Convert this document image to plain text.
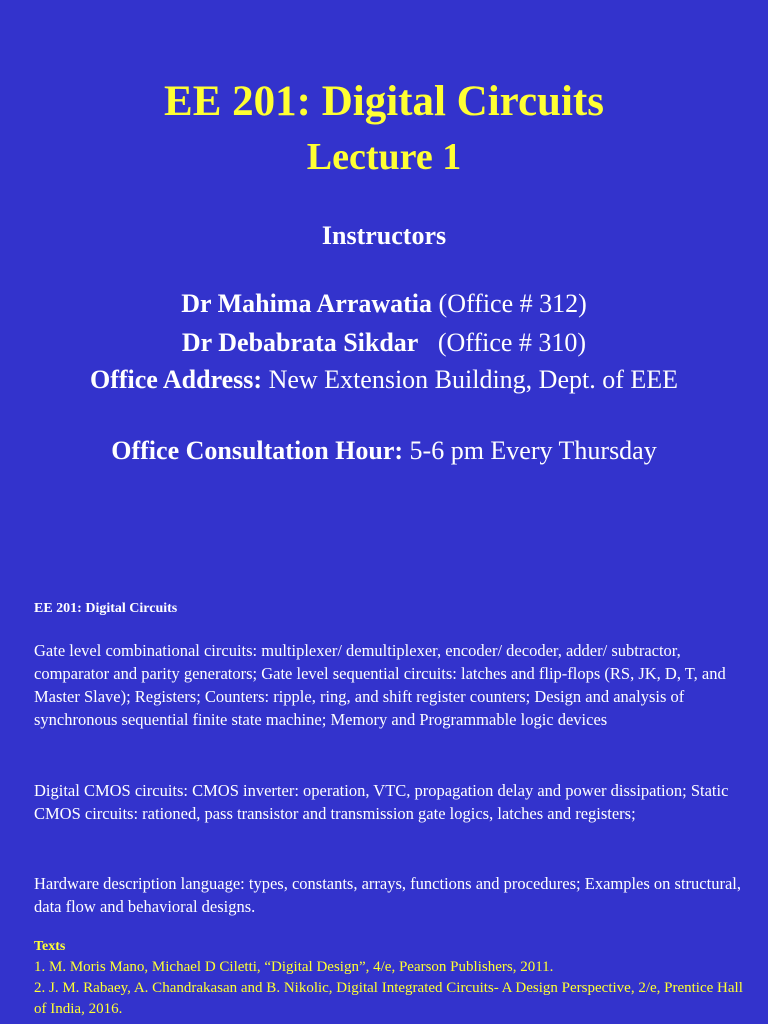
EE 201: Digital Circuits
Lecture 1
Instructors
Dr Mahima Arrawatia (Office # 312)
Dr Debabrata Sikdar (Office # 310)
Office Address: New Extension Building, Dept. of EEE
Office Consultation Hour: 5-6 pm Every Thursday
EE 201: Digital Circuits
Gate level combinational circuits: multiplexer/ demultiplexer, encoder/ decoder, adder/ subtractor, comparator and parity generators; Gate level sequential circuits: latches and flip-flops (RS, JK, D, T, and Master Slave); Registers; Counters: ripple, ring, and shift register counters; Design and analysis of synchronous sequential finite state machine; Memory and Programmable logic devices
Digital CMOS circuits: CMOS inverter: operation, VTC, propagation delay and power dissipation; Static CMOS circuits: rationed, pass transistor and transmission gate logics, latches and registers;
Hardware description language: types, constants, arrays, functions and procedures; Examples on structural, data flow and behavioral designs.
Texts
1. M. Moris Mano, Michael D Ciletti, “Digital Design”, 4/e, Pearson Publishers, 2011.
2. J. M. Rabaey, A. Chandrakasan and B. Nikolic, Digital Integrated Circuits- A Design Perspective, 2/e, Prentice Hall of India, 2016.
